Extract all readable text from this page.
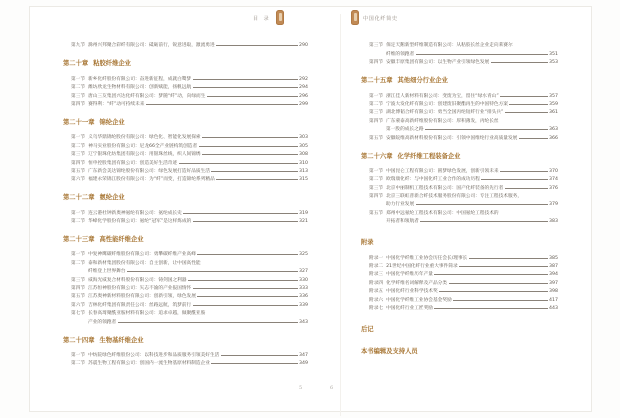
目 录	中国化纤简史
第九节 滁州兴邦聚合彩纤有限公司：砥砺前行，锐意进取，激流勇进	290
第二十章 粘胶纤维企业
第一节 新乡化纤股份有限公司：奋进新征程，成就白鹭梦	292
第二节 潍坊欣龙生物材料有限公司：创新赋能，扬帆远航	294
第三节 唐山三友集团兴达化纤有限公司：梦随“纤”动，向绿而生	296
第四节 赛得利：“纤”动可持续未来	299
第二十一章 锦纶企业
第一节 义乌华鼎锦纶股份有限公司：绿色化、智能化发展探索	303
第二节 神马实业股份有限公司：尼龙66全产业链构筑创造者	305
第三节 辽宁银珠化纺集团有限公司：用银珠丝线，织人间锦绣	308
第四节 恒申控股集团有限公司：创造美好生活奇迹	310
第五节 广东新会美达锦纶股份有限公司：绿色发展打造好品质生活	313
第六节 福建永荣锦江股份有限公司：为“纤”而变，打造锦纶系列精品	315
第二十二章 氨纶企业
第一节 连云港杜钟新奥神氨纶有限公司：氨纶成长史	319
第二节 华峰化学股份有限公司：氨纶“冠军”是这样炼成的	321
第二十三章 高性能纤维企业
第一节 中复神鹰碳纤维股份有限公司：勇攀碳纤维产业高峰	325
第二节 泰和新材集团股份有限公司：自主创新，让中国高性能
纤维登上世界舞台	327
第三节 威海光威复合材料股份有限公司：铸剑国之利器	330
第四节 江苏恒神股份有限公司：矢志不渝的产业报国情怀	333
第五节 江苏奥神新材料股份有限公司：创新引领，绿色发展	336
第六节 吉林化纤集团有限责任公司：丝路远航，筑梦前行	339
第七节 长春高琦聚酰亚胺材料有限公司：追求卓越，做聚酰亚胺
产业的领跑者	343
第二十四章 生物基纤维企业
第一节 中纺院绿色纤维股份公司：以科技进步和品质服务引领美好生活	347
第二节 苏震生物工程有限公司：创国内一流生物基原材料制造企业	349
第三节 保定天鹅新型纤维制造有限公司：从粘胶长丝企业走向莱赛尔
纤维的领跑者	351
第四节 安徽丰原集团有限公司：以生物产业引领绿色发展	353
第二十五章 其他细分行业企业
第一节 浙江佳人新材料有限公司：变废为宝，留住“绿水青山”	357
第二节 宁波大发化纤有限公司：创建废旧聚酯再生的中国特色方案	359
第三节 湖北博韬合纤有限公司：勇当全国丙纶短纤行业“排头兵”	361
第四节 广东蒙泰高新纤维股份有限公司：厚积薄发，丙纶长丝
第一股的成长之路	363
第五节 安徽皖维高新材料股份有限公司：引领中国维纶行业高质量发展	366
第二十六章 化学纤维工程装备企业
第一节 中国昆仑工程有限公司：圆梦绿色发展，创新引领未来	370
第二节 欧瑞康化纤：与中国化纤工业合作的成功历程	374
第三节 北京中丽制机工程技术有限公司：国产化纤装备的先行者	376
第四节 北京三联虹普新合纤技术服务股份有限公司：专注工程技术服务，
助力行业发展	379
第五节 郑州中远氨纶工程技术有限公司：中国氨纶工程技术的
开拓者和领航者	383
附录
附录一 中国化学纤维工业协会历任会长/理事长	385
附录二 21世纪中国化纤行业重大事件简录	387
附录三 中国化学纤维历年产量	394
附录四 化学纤维名词解释及产品分类	397
附录五 中国化纤行业科学技术奖	398
附录六 中国化学纤维工业协会基金奖励	417
附录七 中国化纤行业工匠奖励	443
后记
本书编辑及支持人员
5	6
